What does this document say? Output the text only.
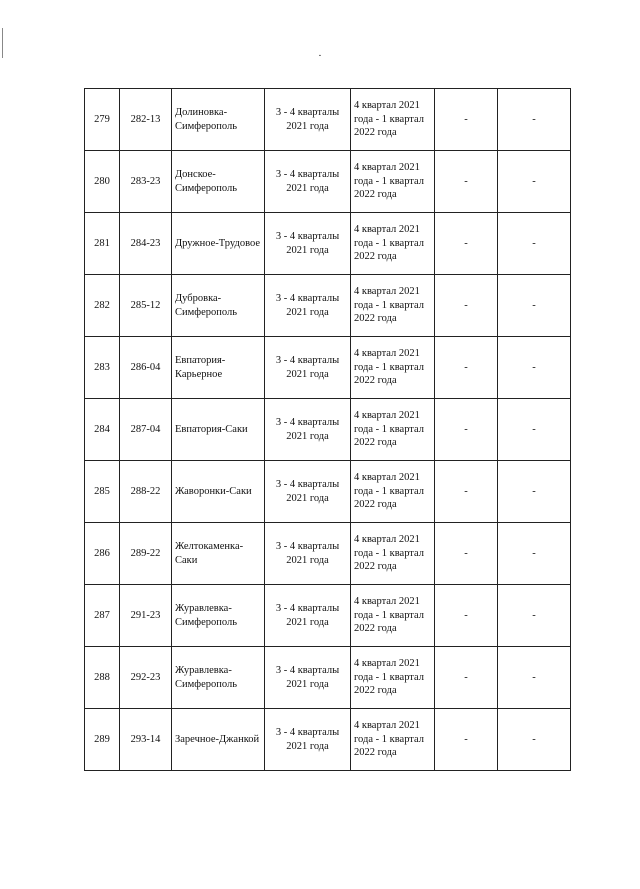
·
279	282-13	Долиновка-Симферополь	3 - 4 кварталы 2021 года	4 квартал 2021 года - 1 квартал 2022 года	-	-
280	283-23	Донское-Симферополь	3 - 4 кварталы 2021 года	4 квартал 2021 года - 1 квартал 2022 года	-	-
281	284-23	Дружное-Трудовое	3 - 4 кварталы 2021 года	4 квартал 2021 года - 1 квартал 2022 года	-	-
282	285-12	Дубровка-Симферополь	3 - 4 кварталы 2021 года	4 квартал 2021 года - 1 квартал 2022 года	-	-
283	286-04	Евпатория-Карьерное	3 - 4 кварталы 2021 года	4 квартал 2021 года - 1 квартал 2022 года	-	-
284	287-04	Евпатория-Саки	3 - 4 кварталы 2021 года	4 квартал 2021 года - 1 квартал 2022 года	-	-
285	288-22	Жаворонки-Саки	3 - 4 кварталы 2021 года	4 квартал 2021 года - 1 квартал 2022 года	-	-
286	289-22	Желтокаменка-Саки	3 - 4 кварталы 2021 года	4 квартал 2021 года - 1 квартал 2022 года	-	-
287	291-23	Журавлевка-Симферополь	3 - 4 кварталы 2021 года	4 квартал 2021 года - 1 квартал 2022 года	-	-
288	292-23	Журавлевка-Симферополь	3 - 4 кварталы 2021 года	4 квартал 2021 года - 1 квартал 2022 года	-	-
289	293-14	Заречное-Джанкой	3 - 4 кварталы 2021 года	4 квартал 2021 года - 1 квартал 2022 года	-	-
